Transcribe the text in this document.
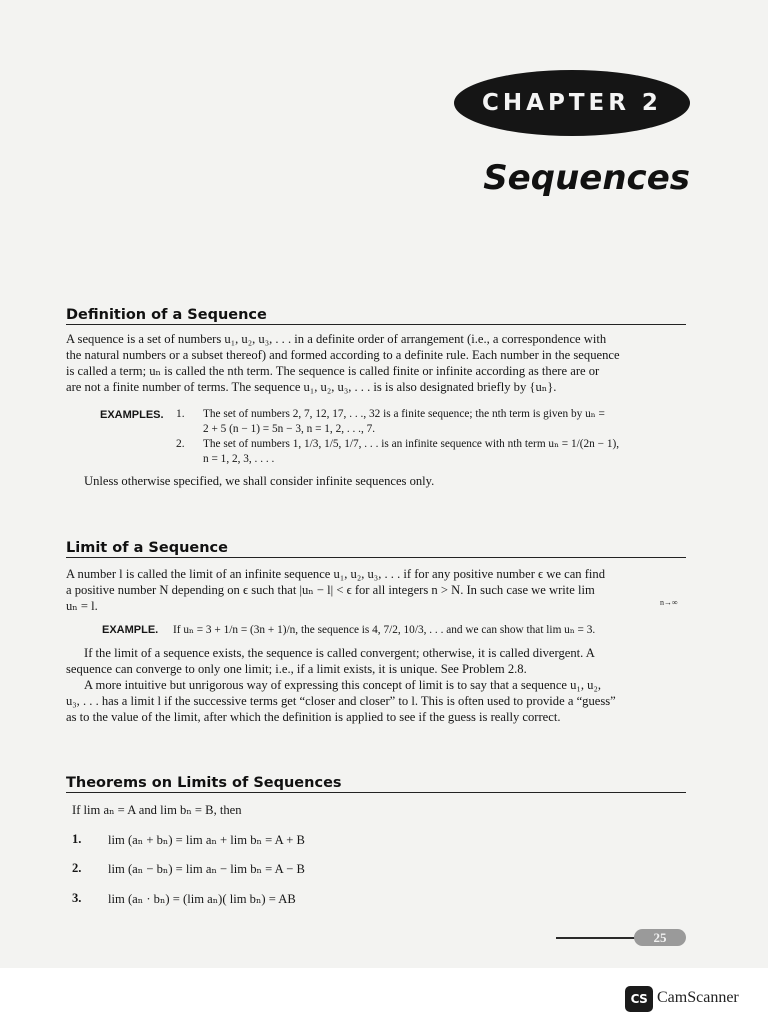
CHAPTER 2
Sequences
Definition of a Sequence
A sequence is a set of numbers u₁, u₂, u₃, . . . in a definite order of arrangement (i.e., a correspondence with
the natural numbers or a subset thereof) and formed according to a definite rule. Each number in the sequence
is called a term; uₙ is called the nth term. The sequence is called finite or infinite according as there are or
are not a finite number of terms. The sequence u₁, u₂, u₃, . . . is is also designated briefly by {uₙ}.
EXAMPLES. 1. The set of numbers 2, 7, 12, 17, . . ., 32 is a finite sequence; the nth term is given by uₙ =
2 + 5 (n − 1) = 5n − 3, n = 1, 2, . . ., 7.
2. The set of numbers 1, 1/3, 1/5, 1/7, . . . is an infinite sequence with nth term uₙ = 1/(2n − 1),
n = 1, 2, 3, . . . .
Unless otherwise specified, we shall consider infinite sequences only.
Limit of a Sequence
A number l is called the limit of an infinite sequence u₁, u₂, u₃, . . . if for any positive number ϵ we can find
a positive number N depending on ϵ such that |uₙ − l| < ϵ for all integers n > N. In such case we write lim
uₙ = l.	n→∞
EXAMPLE. If uₙ = 3 + 1/n = (3n + 1)/n, the sequence is 4, 7/2, 10/3, . . . and we can show that lim uₙ = 3.
If the limit of a sequence exists, the sequence is called convergent; otherwise, it is called divergent. A
sequence can converge to only one limit; i.e., if a limit exists, it is unique. See Problem 2.8.
A more intuitive but unrigorous way of expressing this concept of limit is to say that a sequence u₁, u₂,
u₃, . . . has a limit l if the successive terms get “closer and closer” to l. This is often used to provide a “guess”
as to the value of the limit, after which the definition is applied to see if the guess is really correct.
Theorems on Limits of Sequences
If lim aₙ = A and lim bₙ = B, then
1. lim (aₙ + bₙ) = lim aₙ + lim bₙ = A + B
2. lim (aₙ − bₙ) = lim aₙ − lim bₙ = A − B
3. lim (aₙ · bₙ) = (lim aₙ)( lim bₙ) = AB
25
CS CamScanner
